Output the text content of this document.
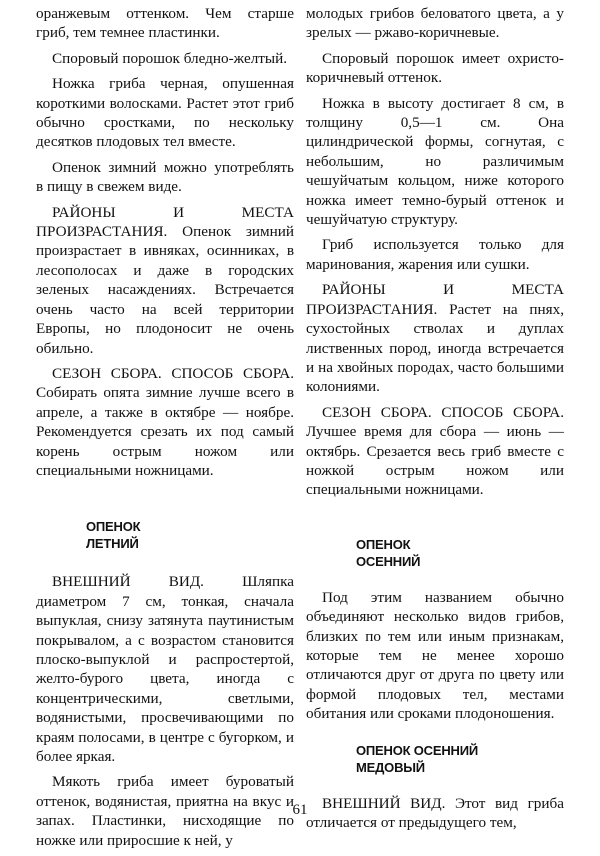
оранжевым оттенком. Чем старше гриб, тем темнее пластинки.

Споровый порошок бледно-желтый.

Ножка гриба черная, опушенная короткими волосками. Растет этот гриб обычно сростками, по нескольку десятков плодовых тел вместе.

Опенок зимний можно употреблять в пищу в свежем виде.

РАЙОНЫ И МЕСТА ПРОИЗРАСТАНИЯ. Опенок зимний произрастает в ивняках, осинниках, в лесополосах и даже в городских зеленых насаждениях. Встречается очень часто на всей территории Европы, но плодоносит не очень обильно.

СЕЗОН СБОРА. СПОСОБ СБОРА. Собирать опята зимние лучше всего в апреле, а также в октябре — ноябре. Рекомендуется срезать их под самый корень острым ножом или специальными ножницами.

ОПЕНОК
ЛЕТНИЙ

ВНЕШНИЙ ВИД. Шляпка диаметром 7 см, тонкая, сначала выпуклая, снизу затянута паутинистым покрывалом, а с возрастом становится плоско-выпуклой и распростертой, желто-бурого цвета, иногда с концентрическими, светлыми, водянистыми, просвечивающими по краям полосами, в центре с бугорком, и более яркая.

Мякоть гриба имеет буроватый оттенок, водянистая, приятна на вкус и запах. Пластинки, нисходящие по ножке или приросшие к ней, у

молодых грибов беловатого цвета, а у зрелых — ржаво-коричневые.

Споровый порошок имеет охристо-коричневый оттенок.

Ножка в высоту достигает 8 см, в толщину 0,5—1 см. Она цилиндрической формы, согнутая, с небольшим, но различимым чешуйчатым кольцом, ниже которого ножка имеет темно-бурый оттенок и чешуйчатую структуру.

Гриб используется только для маринования, жарения или сушки.

РАЙОНЫ И МЕСТА ПРОИЗРАСТАНИЯ. Растет на пнях, сухостойных стволах и дуплах лиственных пород, иногда встречается и на хвойных породах, часто большими колониями.

СЕЗОН СБОРА. СПОСОБ СБОРА. Лучшее время для сбора — июнь — октябрь. Срезается весь гриб вместе с ножкой острым ножом или специальными ножницами.

ОПЕНОК
ОСЕННИЙ

Под этим названием обычно объединяют несколько видов грибов, близких по тем или иным признакам, которые тем не менее хорошо отличаются друг от друга по цвету или формой плодовых тел, местами обитания или сроками плодоношения.

ОПЕНОК ОСЕННИЙ
МЕДОВЫЙ

ВНЕШНИЙ ВИД. Этот вид гриба отличается от предыдущего тем,

61
